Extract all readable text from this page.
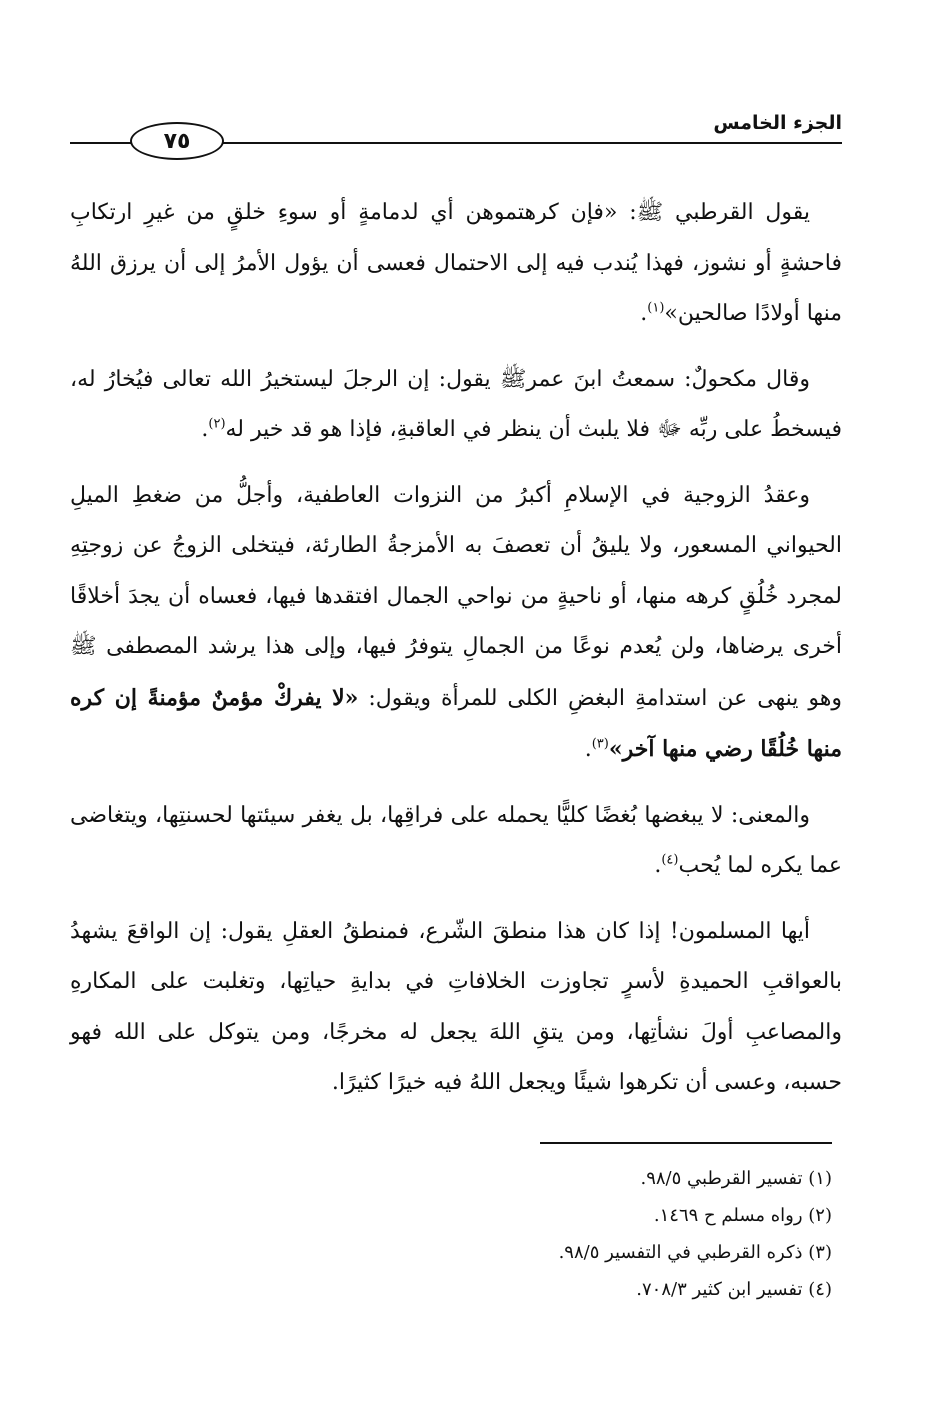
الجزء الخامس
٧٥

يقول القرطبي ﷺ: «فإن كرهتموهن أي لدمامةٍ أو سوءِ خلقٍ من غيرِ ارتكابِ فاحشةٍ أو نشوز، فهذا يُندب فيه إلى الاحتمال فعسى أن يؤول الأمرُ إلى أن يرزق اللهُ منها أولادًا صالحين»$^{(١)}$.

وقال مكحولٌ: سمعتُ ابنَ عمرﷺ يقول: إن الرجلَ ليستخيرُ الله تعالى فيُخارُ له، فيسخطُ على ربِّه ﷻ فلا يلبث أن ينظر في العاقبةِ، فإذا هو قد خير له$^{(٢)}$.

وعقدُ الزوجية في الإسلامِ أكبرُ من النزوات العاطفية، وأجلُّ من ضغطِ الميلِ الحيواني المسعور، ولا يليقُ أن تعصفَ به الأمزجةُ الطارئة، فيتخلى الزوجُ عن زوجتِهِ لمجرد خُلُقٍ كرهه منها، أو ناحيةٍ من نواحي الجمال افتقدها فيها، فعساه أن يجدَ أخلاقًا أخرى يرضاها، ولن يُعدم نوعًا من الجمالِ يتوفرُ فيها، وإلى هذا يرشد المصطفى ﷺ وهو ينهى عن استدامةِ البغضِ الكلى للمرأة ويقول: «لا يفركْ مؤمنٌ مؤمنةً إن كره منها خُلُقًا رضي منها آخر»$^{(٣)}$.

والمعنى: لا يبغضها بُغضًا كليًّا يحمله على فراقِها، بل يغفر سيئتها لحسنتِها، ويتغاضى عما يكره لما يُحب$^{(٤)}$.

أيها المسلمون! إذا كان هذا منطقَ الشّرع، فمنطقُ العقلِ يقول: إن الواقعَ يشهدُ بالعواقبِ الحميدةِ لأسرٍ تجاوزت الخلافاتِ في بدايةِ حياتِها، وتغلبت على المكارهِ والمصاعبِ أولَ نشأتِها، ومن يتقِ اللهَ يجعل له مخرجًا، ومن يتوكل على الله فهو حسبه، وعسى أن تكرهوا شيئًا ويجعل اللهُ فيه خيرًا كثيرًا.

(١) تفسير القرطبي ٩٨/٥.
(٢) رواه مسلم ح ١٤٦٩.
(٣) ذكره القرطبي في التفسير ٩٨/٥.
(٤) تفسير ابن كثير ٧٠٨/٣.
